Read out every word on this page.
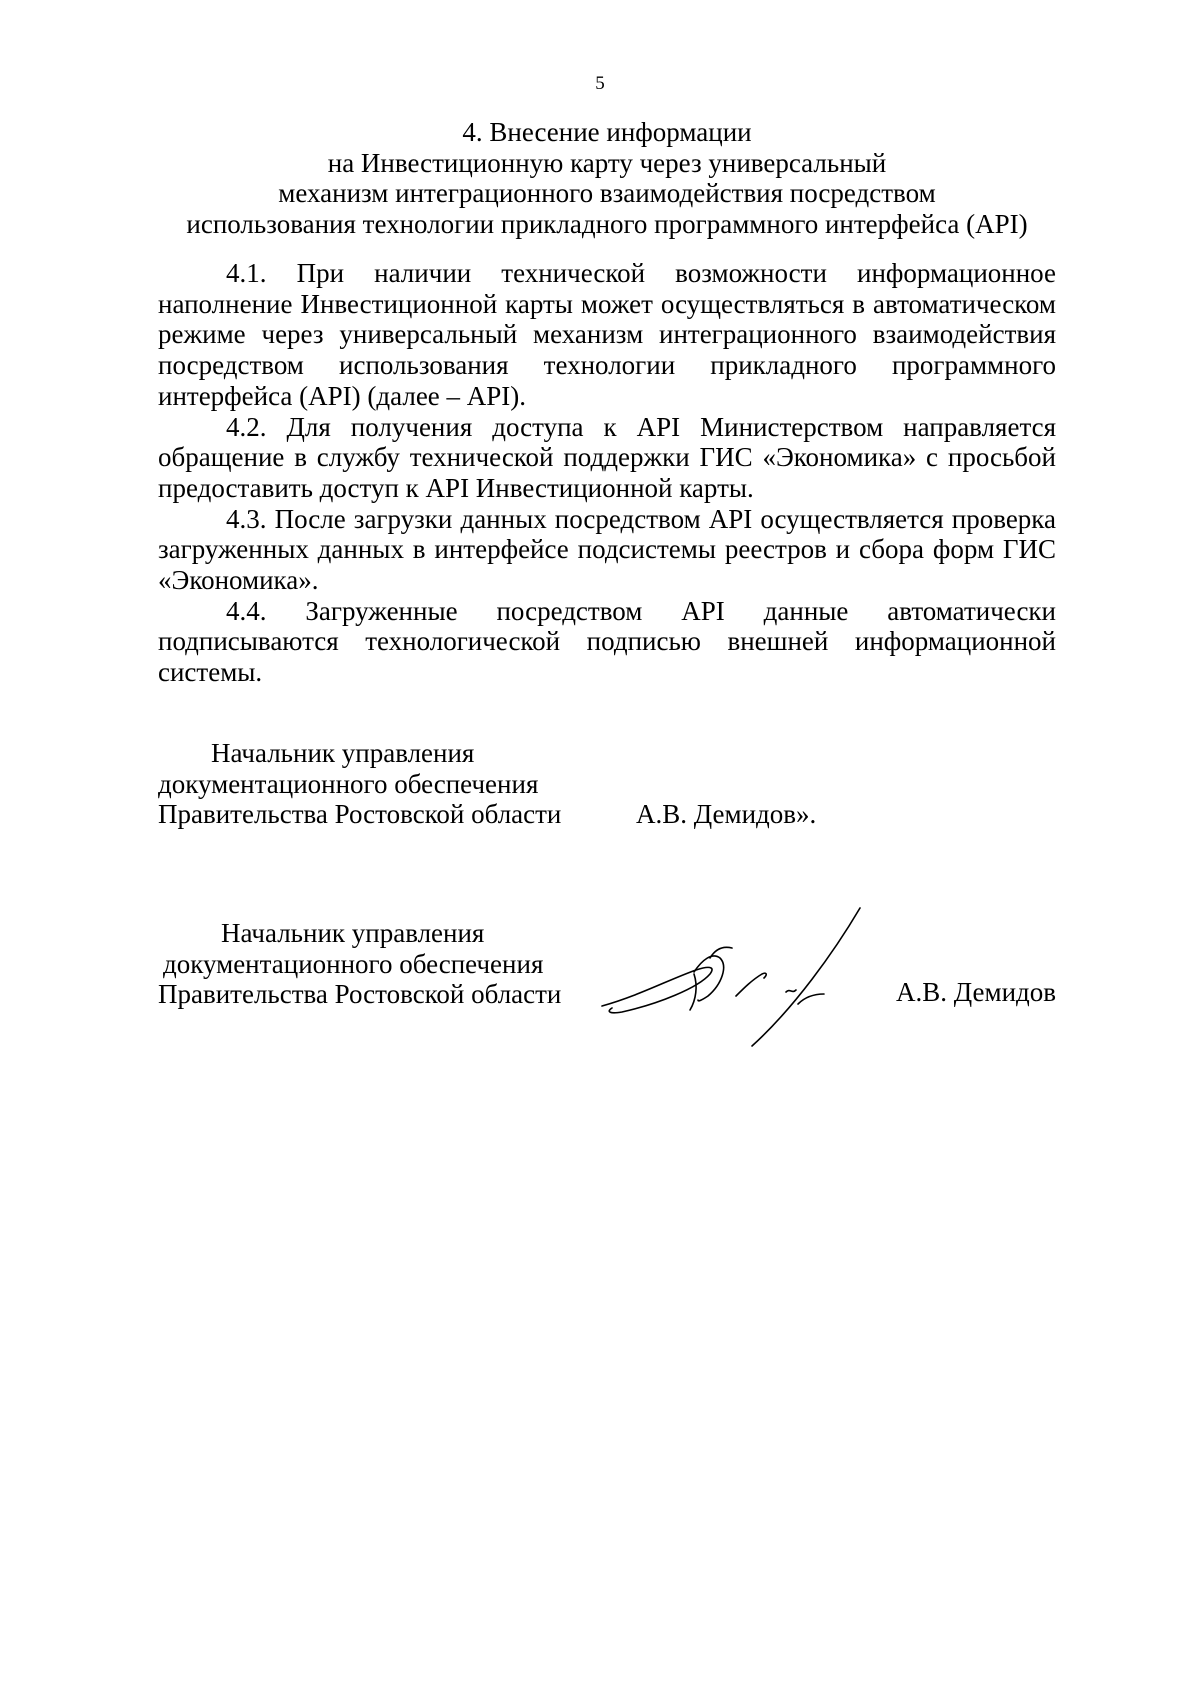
5
4. Внесение информации
на Инвестиционную карту через универсальный
механизм интеграционного взаимодействия посредством
использования технологии прикладного программного интерфейса (API)

4.1. При наличии технической возможности информационное наполнение Инвестиционной карты может осуществляться в автоматическом режиме через универсальный механизм интеграционного взаимодействия посредством использования технологии прикладного программного интерфейса (API) (далее – API).

4.2. Для получения доступа к API Министерством направляется обращение в службу технической поддержки ГИС «Экономика» с просьбой предоставить доступ к API Инвестиционной карты.

4.3. После загрузки данных посредством API осуществляется проверка загруженных данных в интерфейсе подсистемы реестров и сбора форм ГИС «Экономика».

4.4. Загруженные посредством API данные автоматически подписываются технологической подписью внешней информационной системы.

Начальник управления
документационного обеспечения
Правительства Ростовской области	А.В. Демидов».
Начальник управления
документационного обеспечения
Правительства Ростовской области	А.В. Демидов
